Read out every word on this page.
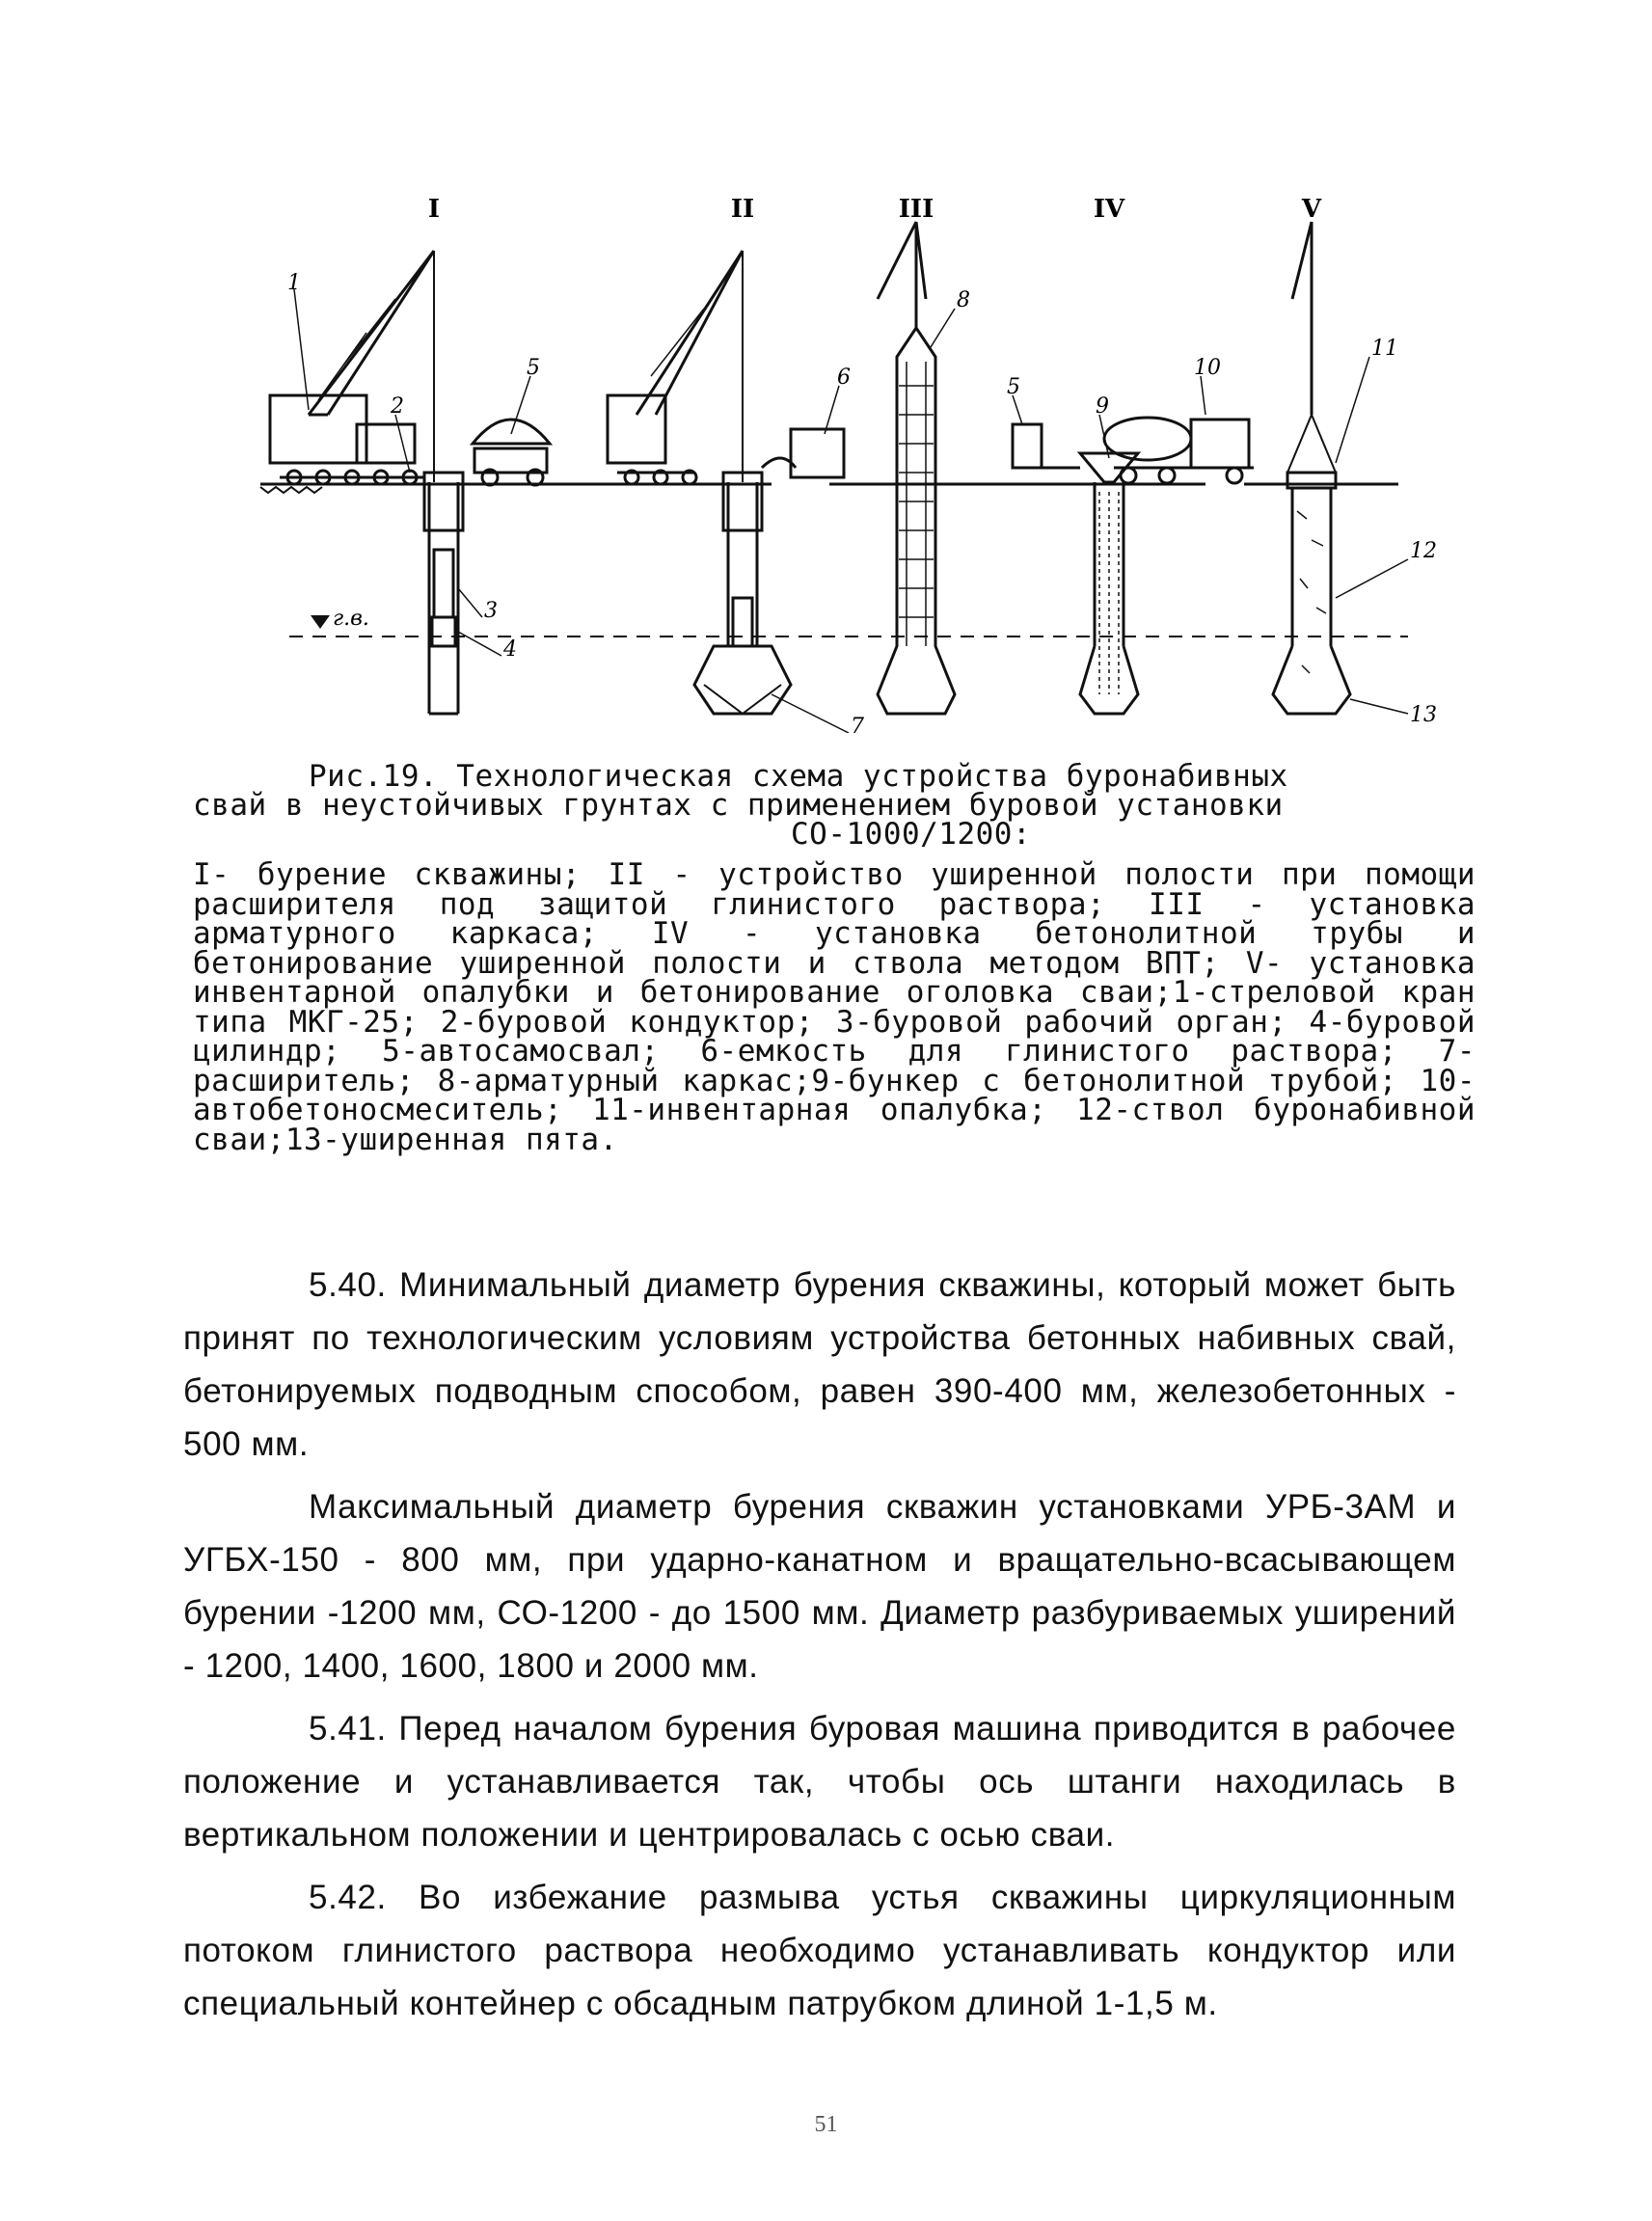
I	II	III	IV	V
1
2
5
3
4
6
7
8
5
9
10
11
12
13
г.в.
Рис.19. Технологическая схема устройства буронабивных
свай в неустойчивых грунтах с применением буровой установки
СО-1000/1200:
I- бурение скважины; II - устройство уширенной полости при помощи расширителя под защитой глинистого раствора; III - установка арматурного каркаса; IV - установка бетонолитной трубы и бетонирование уширенной полости и ствола методом ВПТ; V- установка инвентарной опалубки и бетонирование оголовка сваи;1-стреловой кран типа МКГ-25; 2-буровой кондуктор; 3-буровой рабочий орган; 4-буровой цилиндр; 5-автосамосвал; 6-емкость для глинистого раствора; 7-расширитель; 8-арматурный каркас;9-бункер с бетонолитной трубой; 10-автобетоносмеситель; 11-инвентарная опалубка; 12-ствол буронабивной сваи;13-уширенная пята.

5.40. Минимальный диаметр бурения скважины, который может быть принят по технологическим условиям устройства бетонных набивных свай, бетонируемых подводным способом, равен 390-400 мм, железобетонных - 500 мм.

Максимальный диаметр бурения скважин установками УРБ-3АМ и УГБХ-150 - 800 мм, при ударно-канатном и вращательно-всасывающем бурении -1200 мм, СО-1200 - до 1500 мм. Диаметр разбуриваемых уширений - 1200, 1400, 1600, 1800 и 2000 мм.

5.41. Перед началом бурения буровая машина приводится в рабочее положение и устанавливается так, чтобы ось штанги находилась в вертикальном положении и центрировалась с осью сваи.

5.42. Во избежание размыва устья скважины циркуляционным потоком глинистого раствора необходимо устанавливать кондуктор или специальный контейнер с обсадным патрубком длиной 1-1,5 м.

51
